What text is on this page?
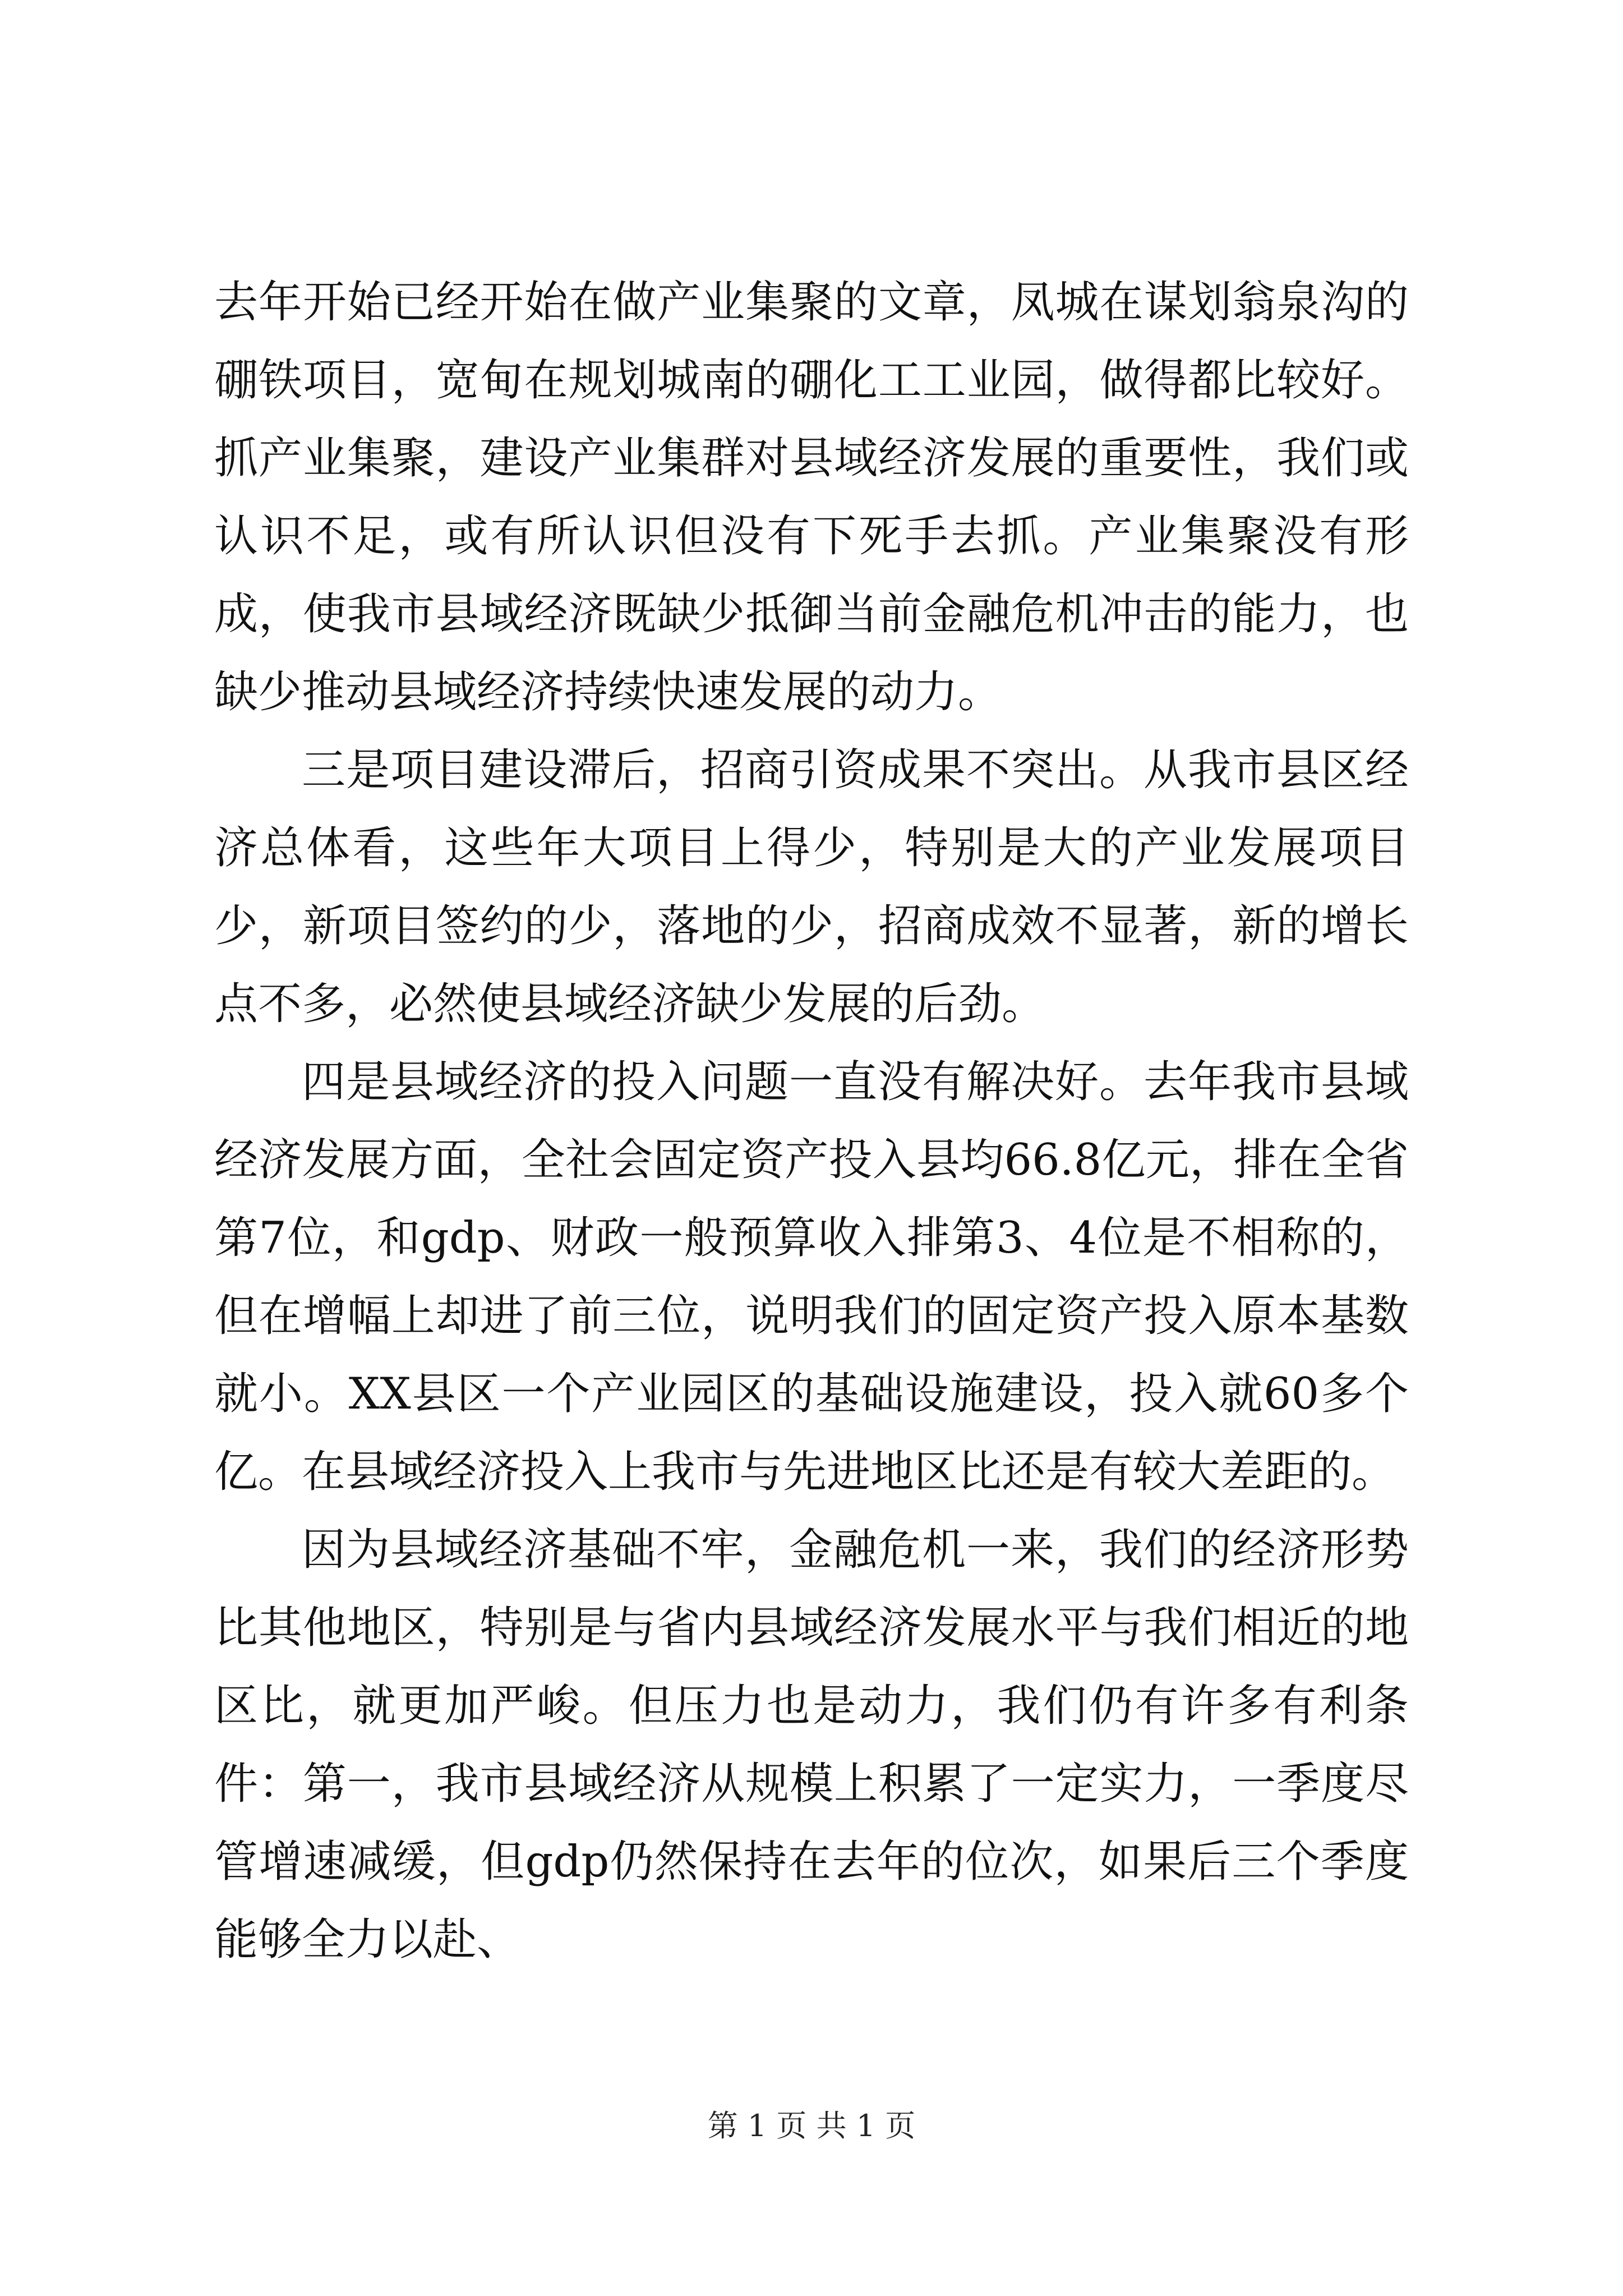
去年开始已经开始在做产业集聚的文章，凤城在谋划翁泉沟的硼铁项目，宽甸在规划城南的硼化工工业园，做得都比较好。抓产业集聚，建设产业集群对县域经济发展的重要性，我们或认识不足，或有所认识但没有下死手去抓。产业集聚没有形成，使我市县域经济既缺少抵御当前金融危机冲击的能力，也缺少推动县域经济持续快速发展的动力。

三是项目建设滞后，招商引资成果不突出。从我市县区经济总体看，这些年大项目上得少，特别是大的产业发展项目少，新项目签约的少，落地的少，招商成效不显著，新的增长点不多，必然使县域经济缺少发展的后劲。

四是县域经济的投入问题一直没有解决好。去年我市县域经济发展方面，全社会固定资产投入县均66.8亿元，排在全省第7位，和gdp、财政一般预算收入排第3、4位是不相称的，但在增幅上却进了前三位，说明我们的固定资产投入原本基数就小。XX县区一个产业园区的基础设施建设，投入就60多个亿。在县域经济投入上我市与先进地区比还是有较大差距的。

因为县域经济基础不牢，金融危机一来，我们的经济形势比其他地区，特别是与省内县域经济发展水平与我们相近的地区比，就更加严峻。但压力也是动力，我们仍有许多有利条件：第一，我市县域经济从规模上积累了一定实力，一季度尽管增速减缓，但gdp仍然保持在去年的位次，如果后三个季度能够全力以赴、

第 1 页 共 1 页
